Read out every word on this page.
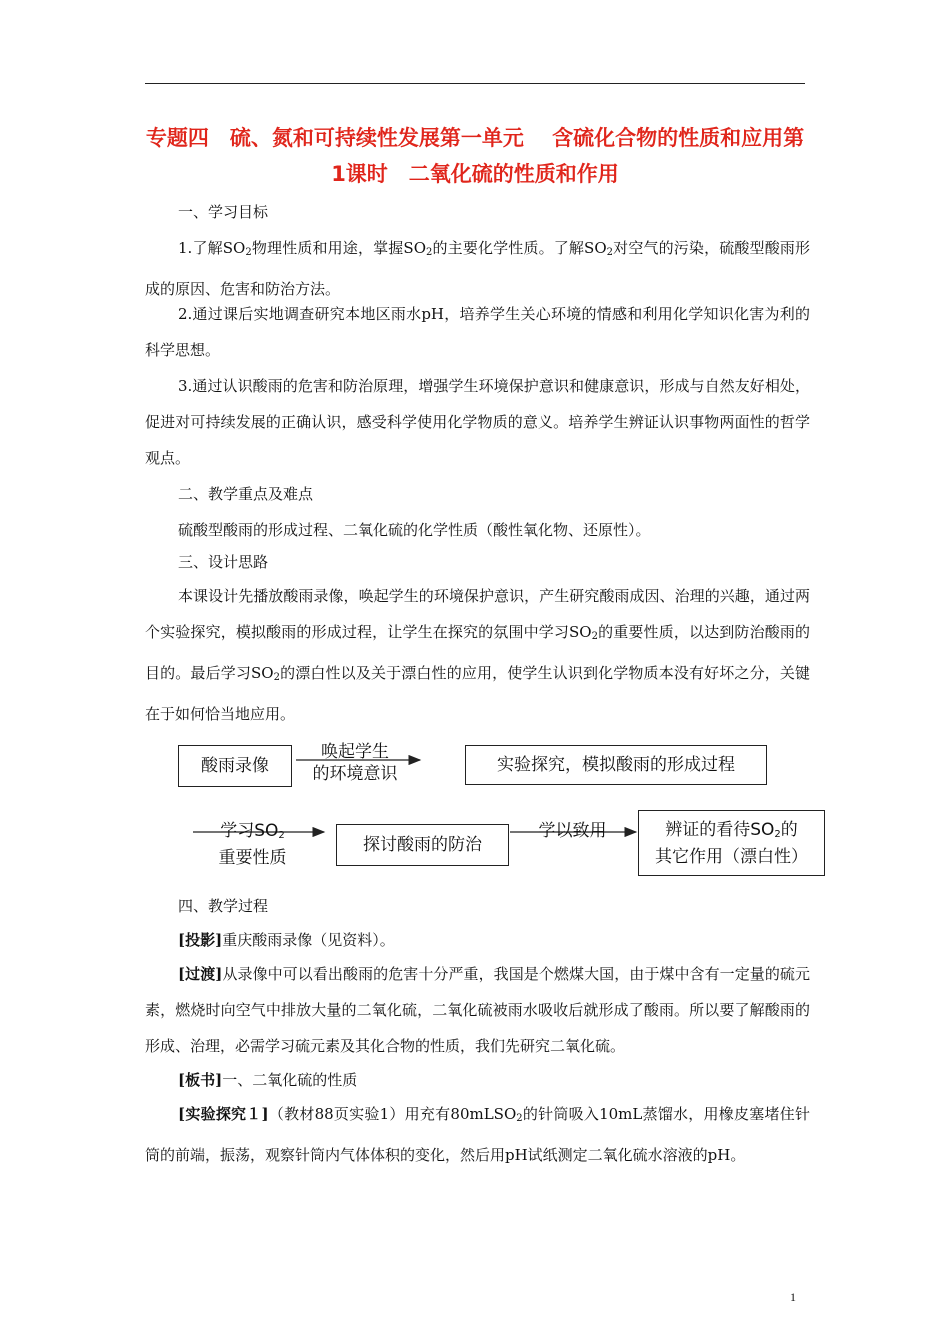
专题四　硫、氮和可持续性发展第一单元　 含硫化合物的性质和应用第1课时　二氧化硫的性质和作用
一、学习目标
1.了解$SO_2$物理性质和用途，掌握$SO_2$的主要化学性质。了解$SO_2$对空气的污染，硫酸型酸雨形成的原因、危害和防治方法。
2.通过课后实地调查研究本地区雨水pH，培养学生关心环境的情感和利用化学知识化害为利的科学思想。
3.通过认识酸雨的危害和防治原理，增强学生环境保护意识和健康意识，形成与自然友好相处，促进对可持续发展的正确认识，感受科学使用化学物质的意义。培养学生辨证认识事物两面性的哲学观点。
二、教学重点及难点
硫酸型酸雨的形成过程、二氧化硫的化学性质（酸性氧化物、还原性）。
三、设计思路
本课设计先播放酸雨录像，唤起学生的环境保护意识，产生研究酸雨成因、治理的兴趣，通过两个实验探究，模拟酸雨的形成过程，让学生在探究的氛围中学习$SO_2$的重要性质，以达到防治酸雨的目的。最后学习$SO_2$的漂白性以及关于漂白性的应用，使学生认识到化学物质本没有好坏之分，关键在于如何恰当地应用。
酸雨录像
唤起学生
的环境意识	实验探究，模拟酸雨的形成过程
学习$SO_2$
重要性质
探讨酸雨的防治
学以致用	辨证的看待$SO_2$的
其它作用（漂白性）
四、教学过程
[投影]重庆酸雨录像（见资料）。
[过渡]从录像中可以看出酸雨的危害十分严重，我国是个燃煤大国，由于煤中含有一定量的硫元素，燃烧时向空气中排放大量的二氧化硫，二氧化硫被雨水吸收后就形成了酸雨。所以要了解酸雨的形成、治理，必需学习硫元素及其化合物的性质，我们先研究二氧化硫。
[板书]一、二氧化硫的性质
[实验探究１]（教材88页实验1）用充有80mLSO$_2$的针筒吸入10mL蒸馏水，用橡皮塞堵住针筒的前端，振荡，观察针筒内气体体积的变化，然后用pH试纸测定二氧化硫水溶液的pH。
1
